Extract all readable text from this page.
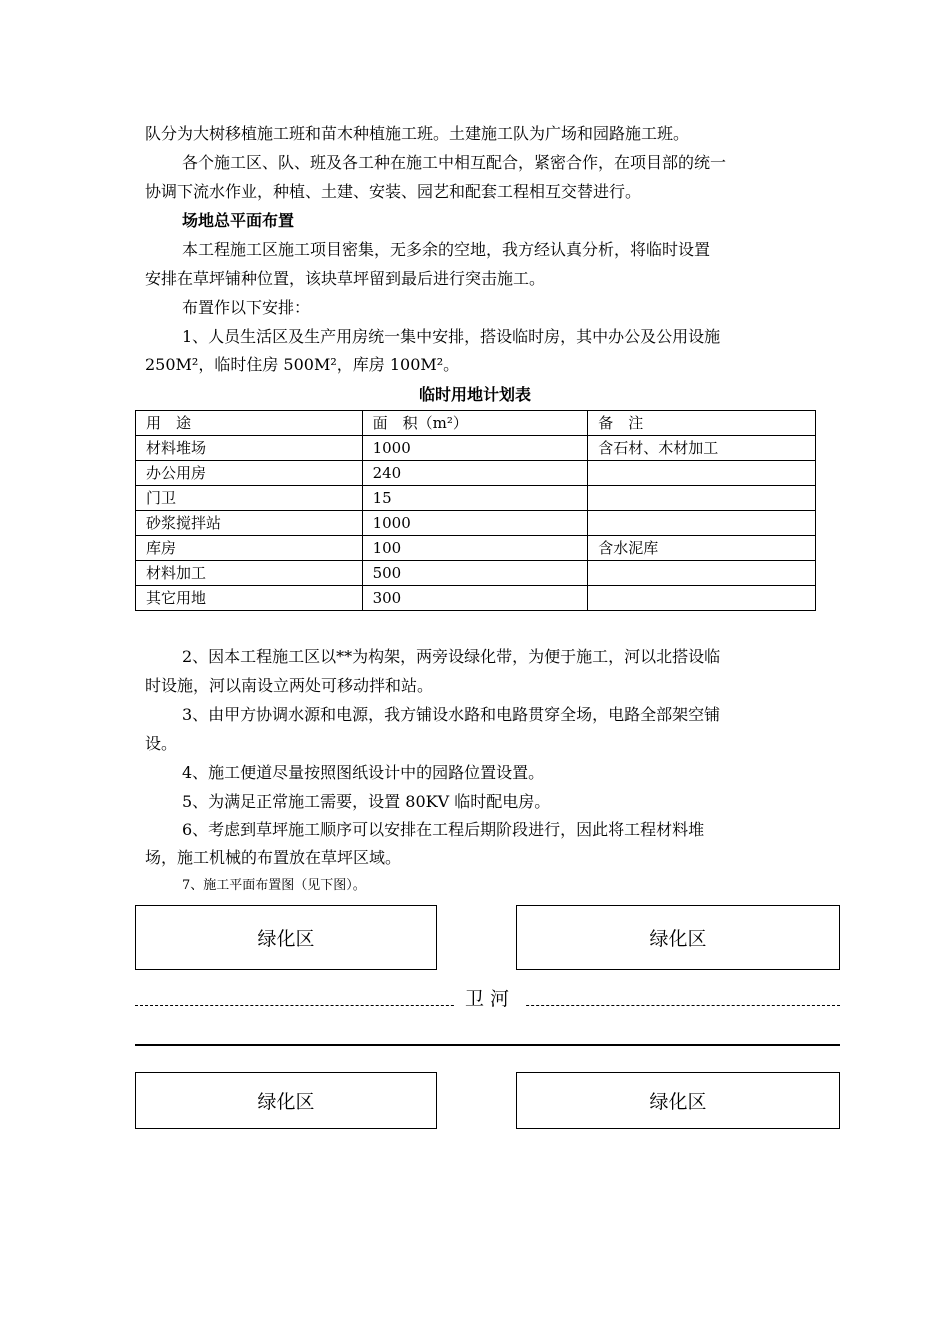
队分为大树移植施工班和苗木种植施工班。土建施工队为广场和园路施工班。
各个施工区、队、班及各工种在施工中相互配合，紧密合作，在项目部的统一
协调下流水作业，种植、土建、安装、园艺和配套工程相互交替进行。
场地总平面布置
本工程施工区施工项目密集，无多余的空地，我方经认真分析，将临时设置
安排在草坪铺种位置，该块草坪留到最后进行突击施工。
布置作以下安排：
1、人员生活区及生产用房统一集中安排，搭设临时房，其中办公及公用设施
250M²，临时住房 500M²，库房 100M²。
临时用地计划表
用　途	面　积（m²）	备　注
材料堆场	1000	含石材、木材加工
办公用房	240	
门卫	15	
砂浆搅拌站	1000	
库房	100	含水泥库
材料加工	500	
其它用地	300	
2、因本工程施工区以**为构架，两旁设绿化带，为便于施工，河以北搭设临
时设施，河以南设立两处可移动拌和站。
3、由甲方协调水源和电源，我方铺设水路和电路贯穿全场，电路全部架空铺
设。
4、施工便道尽量按照图纸设计中的园路位置设置。
5、为满足正常施工需要，设置 80KV 临时配电房。
6、考虑到草坪施工顺序可以安排在工程后期阶段进行，因此将工程材料堆
场，施工机械的布置放在草坪区域。
7、施工平面布置图（见下图）。
绿化区	绿化区
卫河
绿化区	绿化区
